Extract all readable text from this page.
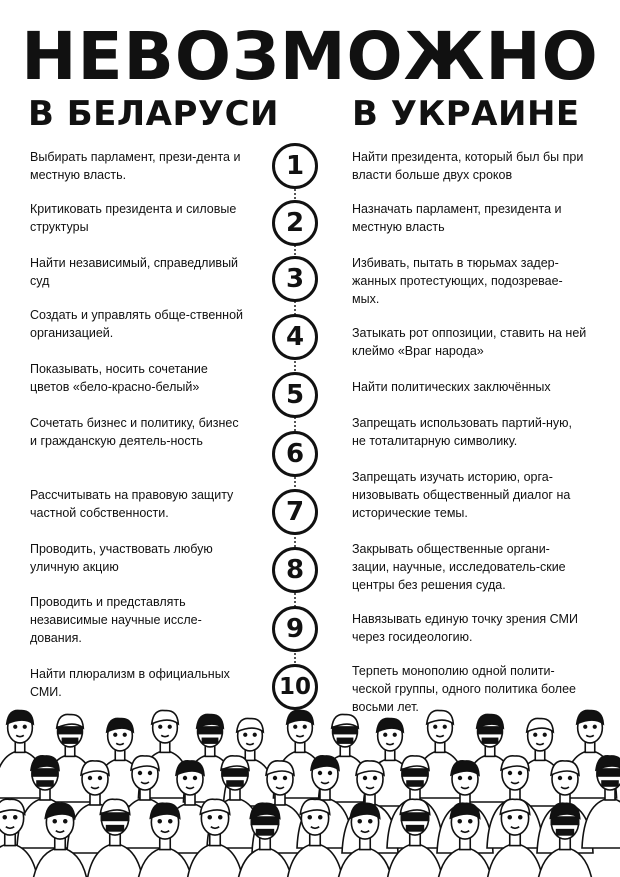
НЕВОЗМОЖНО
В БЕЛАРУСИ В УКРАИНЕ
1
2
3
4
5
6
7
8
9
10
Выбирать парламент, прези-дента и местную власть.
Критиковать президента и силовые структуры
Найти независимый, справедливый суд
Создать и управлять обще-ственной организацией.
Показывать, носить сочетание цветов «бело-красно-белый»
Сочетать бизнес и политику, бизнес и гражданскую деятель-ность
Рассчитывать на правовую защиту частной собственности.
Проводить, участвовать любую уличную акцию
Проводить и представлять независимые научные иссле-дования.
Найти плюрализм в официальных СМИ.
Найти президента, который был бы при власти больше двух сроков
Назначать парламент, президента и местную власть
Избивать, пытать в тюрьмах задер-жанных протестующих, подозревае-мых.
Затыкать рот оппозиции, ставить на ней клеймо «Враг народа»
Найти политических заключённых
Запрещать использовать партий-ную, не тоталитарную символику.
Запрещать изучать историю, орга-низовывать общественный диалог на исторические темы.
Закрывать общественные органи-зации, научные, исследователь-ские центры без решения суда.
Навязывать единую точку зрения СМИ через госидеологию.
Терпеть монополию одной полити-ческой группы, одного политика более восьми лет.
